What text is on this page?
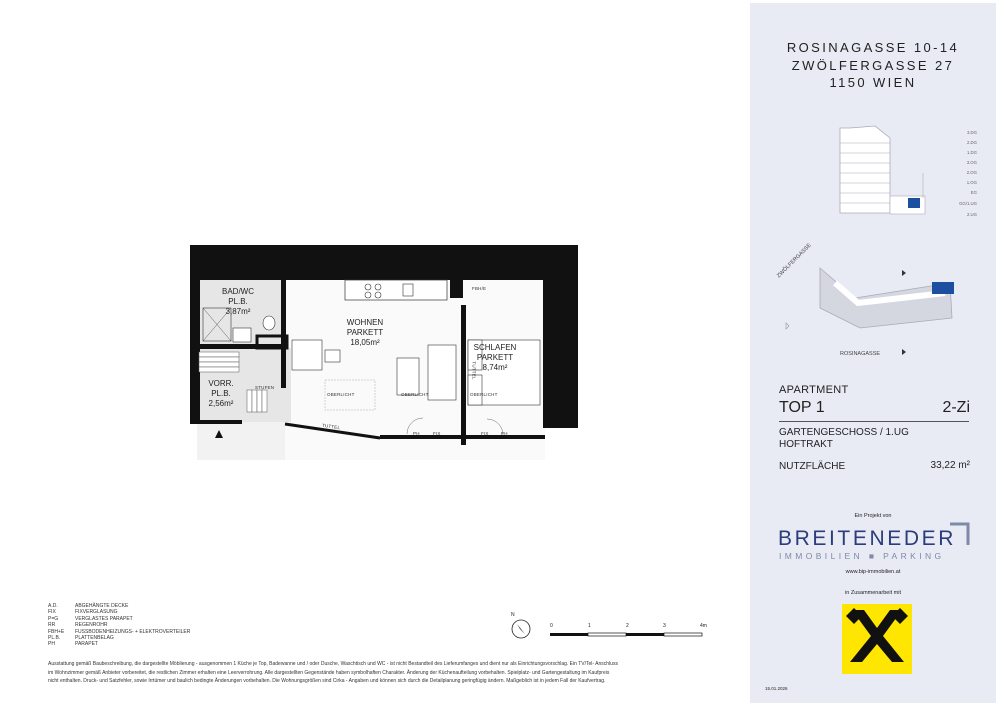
BAD/WC
PL.B.
3,87m²
WOHNEN
PARKETT
18,05m²
SCHLAFEN
PARKETT
8,74m²
VORR.
PL.B.
2,56m²
STUFEN
OBERLICHT	OBERLICHT	OBERLICHT
TUTTEL
TUTTEL
PH	FIX	FIX	PH
FBH/E
A.D.	ABGEHÄNGTE DECKE
FIX	FIXVERGLASUNG
P=G	VERGLASTES PARAPET
RR	REGENROHR
FBH+E	FUSSBODENHEIZUNGS- + ELEKTROVERTEILER
PL.B.	PLATTENBELAG
PH	PARAPET
Ausstattung gemäß Baubeschreibung, die dargestellte Möblierung - ausgenommen 1 Küche je Top, Badewanne und / oder Dusche, Waschtisch und WC - ist nicht Bestandteil des Lieferumfanges und dient nur als Einrichtungsvorschlag. Ein TV/Tel- Anschluss
im Wohnzimmer gemäß Anbieter vorbereitet, die restlichen Zimmer erhalten eine Leerverrohrung. Alle dargestellten Gegenstände haben symbolhaften Charakter. Änderung der Küchenaufteilung vorbehalten. Spielplatz- und Gartengestaltung im Kaufpreis
nicht enthalten. Druck- und Satzfehler, sowie Irrtümer und baulich bedingte Änderungen vorbehalten. Die Wohnungsgrößen sind Cirka - Angaben und können sich durch die Detailplanung geringfügig ändern. Maßgeblich ist in jedem Fall der Kaufvertrag.
0	1	2	3	4m
N
ROSINAGASSE 10-14
ZWÖLFERGASSE 27
1150 WIEN
3.DG
2.DG
1.DG
3.OG
2.OG
1.OG
EG
GG/1.UG
2.UG
ZWÖLFERGASSE
ROSINAGASSE
APARTMENT
TOP 1	2-Zi
GARTENGESCHOSS / 1.UG
HOFTRAKT
NUTZFLÄCHE	33,22 m²
Ein Projekt von
BREITENEDER
IMMOBILIEN ■ PARKING
www.bip-immobilien.at
in Zusammenarbeit mit
15.01.2026
